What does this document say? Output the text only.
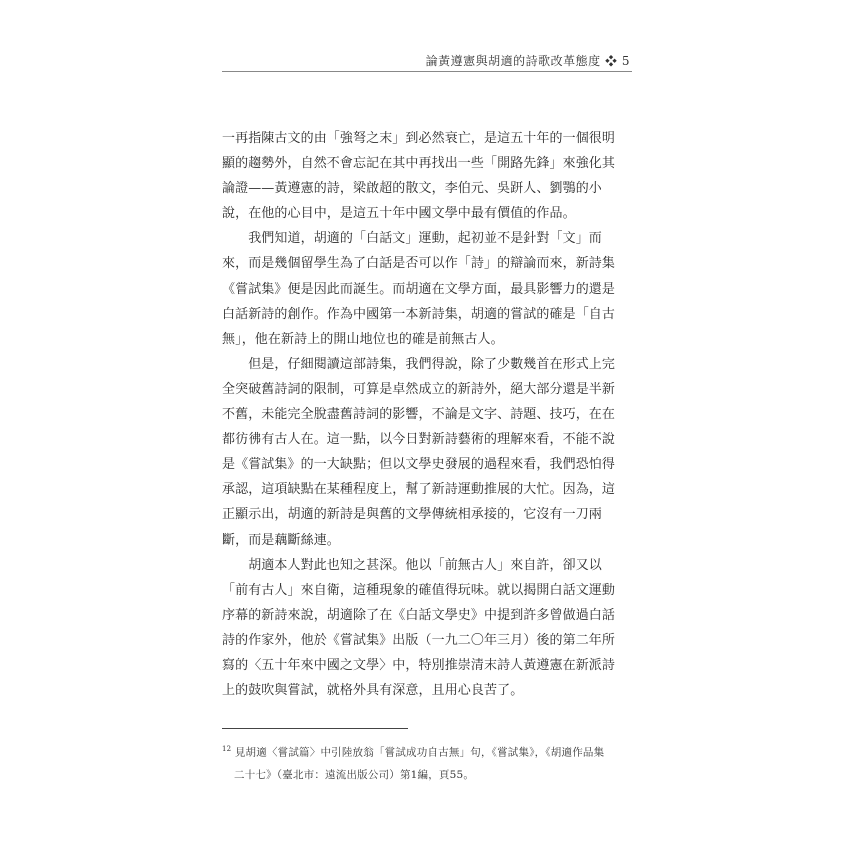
論黃遵憲與胡適的詩歌改革態度 ❖ 5
一再指陳古文的由「強弩之末」到必然衰亡，是這五十年的一個很明
顯的趨勢外，自然不會忘記在其中再找出一些「開路先鋒」來強化其
論證——黃遵憲的詩，梁啟超的散文，李伯元、吳趼人、劉鶚的小
說，在他的心目中，是這五十年中國文學中最有價值的作品。
　　我們知道，胡適的「白話文」運動，起初並不是針對「文」而
來，而是幾個留學生為了白話是否可以作「詩」的辯論而來，新詩集
《嘗試集》便是因此而誕生。而胡適在文學方面，最具影響力的還是
白話新詩的創作。作為中國第一本新詩集，胡適的嘗試的確是「自古
無」，他在新詩上的開山地位也的確是前無古人。
　　但是，仔細閱讀這部詩集，我們得說，除了少數幾首在形式上完
全突破舊詩詞的限制，可算是卓然成立的新詩外，絕大部分還是半新
不舊，未能完全脫盡舊詩詞的影響，不論是文字、詩題、技巧，在在
都彷彿有古人在。這一點，以今日對新詩藝術的理解來看，不能不說
是《嘗試集》的一大缺點；但以文學史發展的過程來看，我們恐怕得
承認，這項缺點在某種程度上，幫了新詩運動推展的大忙。因為，這
正顯示出，胡適的新詩是與舊的文學傳統相承接的，它沒有一刀兩
斷，而是藕斷絲連。
　　胡適本人對此也知之甚深。他以「前無古人」來自許，卻又以
「前有古人」來自衛，這種現象的確值得玩味。就以揭開白話文運動
序幕的新詩來說，胡適除了在《白話文學史》中提到許多曾做過白話
詩的作家外，他於《嘗試集》出版（一九二〇年三月）後的第二年所
寫的〈五十年來中國之文學〉中，特別推崇清末詩人黃遵憲在新派詩
上的鼓吹與嘗試，就格外具有深意，且用心良苦了。
$^{12}$ 見胡適〈嘗試篇〉中引陸放翁「嘗試成功自古無」句，《嘗試集》，《胡適作品集
二十七》（臺北市：遠流出版公司）第1編，頁55。
